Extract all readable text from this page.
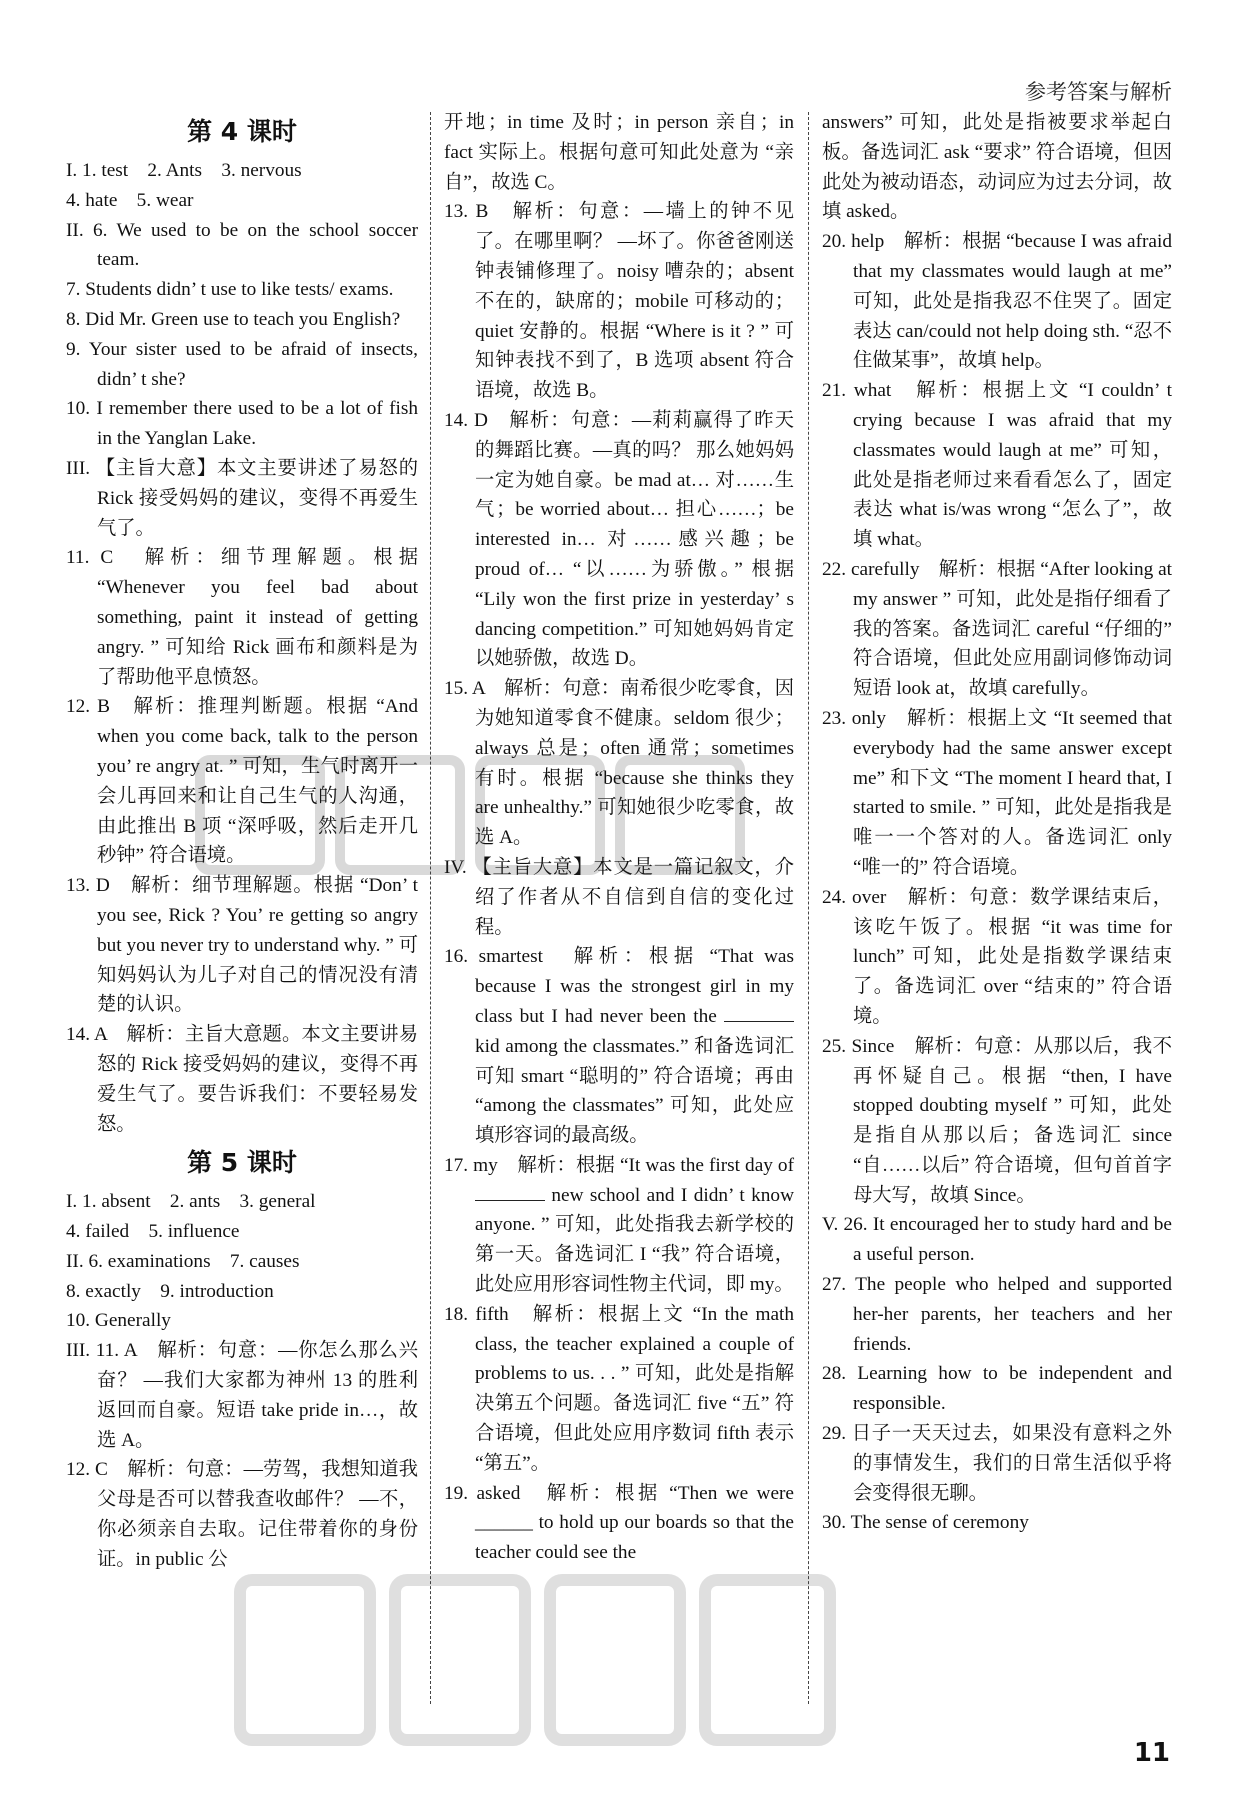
参考答案与解析
第 4 课时
I. 1. test　2. Ants　3. nervous
4. hate　5. wear
II. 6. We used to be on the school soccer team.
7. Students didn’ t use to like tests/ exams.
8. Did Mr. Green use to teach you English?
9. Your sister used to be afraid of insects, didn’ t she?
10. I remember there used to be a lot of fish in the Yanglan Lake.
III. 【主旨大意】本文主要讲述了易怒的 Rick 接受妈妈的建议，变得不再爱生气了。
11. C　解析：细节理解题。根据 “Whenever you feel bad about something, paint it instead of getting angry. ” 可知给 Rick 画布和颜料是为了帮助他平息愤怒。
12. B　解析：推理判断题。根据 “And when you come back, talk to the person you’ re angry at. ” 可知，生气时离开一会儿再回来和让自己生气的人沟通，由此推出 B 项 “深呼吸，然后走开几秒钟” 符合语境。
13. D　解析：细节理解题。根据 “Don’ t you see, Rick ? You’ re getting so angry but you never try to understand why. ” 可知妈妈认为儿子对自己的情况没有清楚的认识。
14. A　解析：主旨大意题。本文主要讲易怒的 Rick 接受妈妈的建议，变得不再爱生气了。要告诉我们：不要轻易发怒。
第 5 课时
I. 1. absent　2. ants　3. general
4. failed　5. influence
II. 6. examinations　7. causes
8. exactly　9. introduction
10. Generally
III. 11. A　解析：句意：—你怎么那么兴奋？ —我们大家都为神州 13 的胜利返回而自豪。短语 take pride in…，故选 A。
12. C　解析：句意：—劳驾，我想知道我父母是否可以替我查收邮件？ —不，你必须亲自去取。记住带着你的身份证。in public 公
开地；in time 及时；in person 亲自；in fact 实际上。根据句意可知此处意为 “亲自”，故选 C。
13. B　解析：句意：—墙上的钟不见了。在哪里啊？ —坏了。你爸爸刚送钟表铺修理了。noisy 嘈杂的；absent 不在的，缺席的；mobile 可移动的；quiet 安静的。根据 “Where is it ? ” 可知钟表找不到了，B 选项 absent 符合语境，故选 B。
14. D　解析：句意：—莉莉赢得了昨天的舞蹈比赛。—真的吗？ 那么她妈妈一定为她自豪。be mad at… 对……生气；be worried about… 担心……；be interested in… 对……感兴趣；be proud of… “以……为骄傲。” 根据 “Lily won the first prize in yesterday’ s dancing competition.” 可知她妈妈肯定以她骄傲，故选 D。
15. A　解析：句意：南希很少吃零食，因为她知道零食不健康。seldom 很少；always 总是；often 通常；sometimes 有时。根据 “because she thinks they are unhealthy.” 可知她很少吃零食，故选 A。
IV. 【主旨大意】本文是一篇记叙文，介绍了作者从不自信到自信的变化过程。
16. smartest　解析：根据 “That was because I was the strongest girl in my class but I had never been the  kid among the classmates.” 和备选词汇可知 smart “聪明的” 符合语境；再由 “among the classmates” 可知，此处应填形容词的最高级。
17. my　解析：根据 “It was the first day of  new school and I didn’ t know anyone. ” 可知，此处指我去新学校的第一天。备选词汇 I “我” 符合语境，此处应用形容词性物主代词，即 my。
18. fifth　解析：根据上文 “In the math class, the teacher explained a couple of problems to us. . . ” 可知，此处是指解决第五个问题。备选词汇 five “五” 符合语境，但此处应用序数词 fifth 表示 “第五”。
19. asked　解析：根据 “Then we were ______ to hold up our boards so that the teacher could see the
answers” 可知，此处是指被要求举起白板。备选词汇 ask “要求” 符合语境，但因此处为被动语态，动词应为过去分词，故填 asked。
20. help　解析：根据 “because I was afraid that my classmates would laugh at me” 可知，此处是指我忍不住哭了。固定表达 can/could not help doing sth. “忍不住做某事”，故填 help。
21. what　解析：根据上文 “I couldn’ t crying because I was afraid that my classmates would laugh at me” 可知，此处是指老师过来看看怎么了，固定表达 what is/was wrong “怎么了”，故填 what。
22. carefully　解析：根据 “After looking at my answer ” 可知，此处是指仔细看了我的答案。备选词汇 careful “仔细的” 符合语境，但此处应用副词修饰动词短语 look at，故填 carefully。
23. only　解析：根据上文 “It seemed that everybody had the same answer except me” 和下文 “The moment I heard that, I started to smile. ” 可知，此处是指我是唯一一个答对的人。备选词汇 only “唯一的” 符合语境。
24. over　解析：句意：数学课结束后，该吃午饭了。根据 “it was time for lunch” 可知，此处是指数学课结束了。备选词汇 over “结束的” 符合语境。
25. Since　解析：句意：从那以后，我不再怀疑自己。根据 “then, I have stopped doubting myself ” 可知，此处是指自从那以后；备选词汇 since “自……以后” 符合语境，但句首首字母大写，故填 Since。
V. 26. It encouraged her to study hard and be a useful person.
27. The people who helped and supported her-her parents, her teachers and her friends.
28. Learning how to be independent and responsible.
29. 日子一天天过去，如果没有意料之外的事情发生，我们的日常生活似乎将会变得很无聊。
30. The sense of ceremony
11
